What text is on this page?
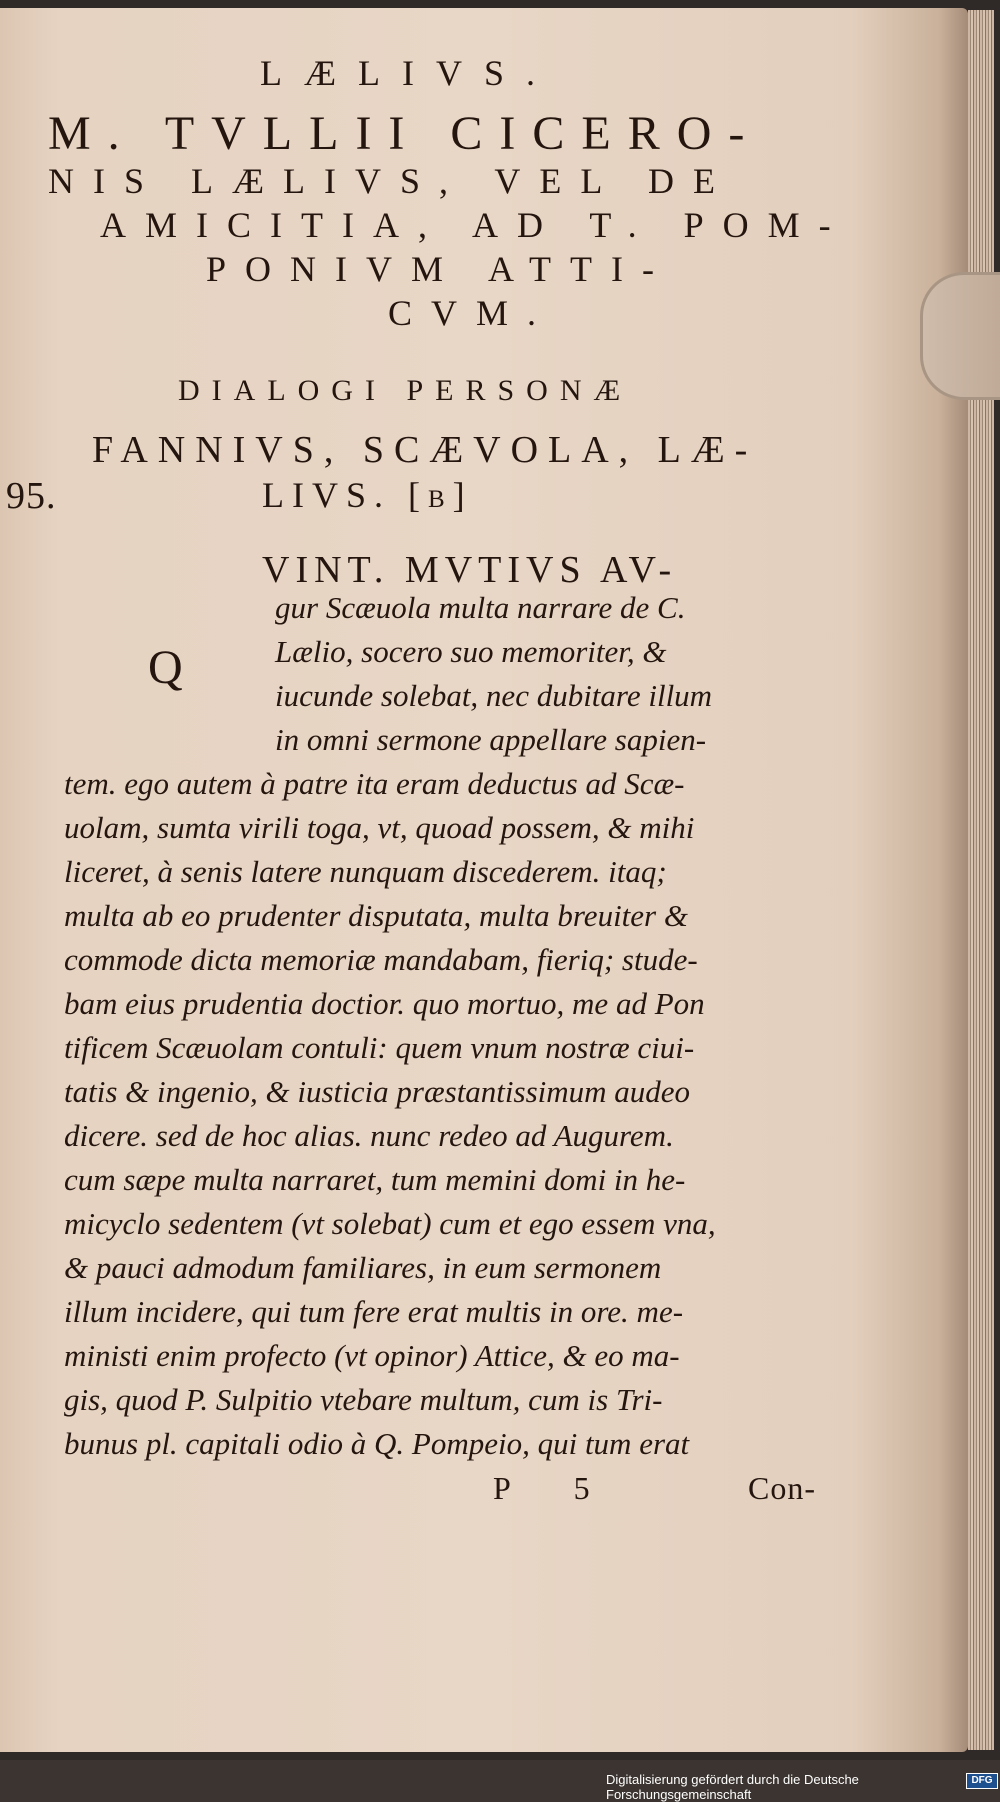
LÆLIVS.
M. TVLLII CICERO-
NIS LÆLIVS, VEL DE
AMICITIA, AD T. POM-
PONIVM ATTI-
CVM.
DIALOGI PERSONÆ
FANNIVS, SCÆVOLA, LÆ-
LIVS. [b]
95.
VINT. MVTIVS AV-
Q
gur Scæuola multa narrare de C.
Lælio, socero suo memoriter, &
iucunde solebat, nec dubitare illum
in omni sermone appellare sapien-
tem. ego autem à patre ita eram deductus ad Scæ-
uolam, sumta virili toga, vt, quoad possem, & mihi
liceret, à senis latere nunquam discederem. itaq;
multa ab eo prudenter disputata, multa breuiter &
commode dicta memoriæ mandabam, fieriq; stude-
bam eius prudentia doctior. quo mortuo, me ad Pon
tificem Scæuolam contuli: quem vnum nostræ ciui-
tatis & ingenio, & iusticia præstantissimum audeo
dicere. sed de hoc alias. nunc redeo ad Augurem.
cum sæpe multa narraret, tum memini domi in he-
micyclo sedentem (vt solebat) cum et ego essem vna,
& pauci admodum familiares, in eum sermonem
illum incidere, qui tum fere erat multis in ore. me-
ministi enim profecto (vt opinor) Attice, & eo ma-
gis, quod P. Sulpitio vtebare multum, cum is Tri-
bunus pl. capitali odio à Q. Pompeio, qui tum erat
P 5	Con-
Digitalisierung gefördert durch die Deutsche Forschungsgemeinschaft
DFG
